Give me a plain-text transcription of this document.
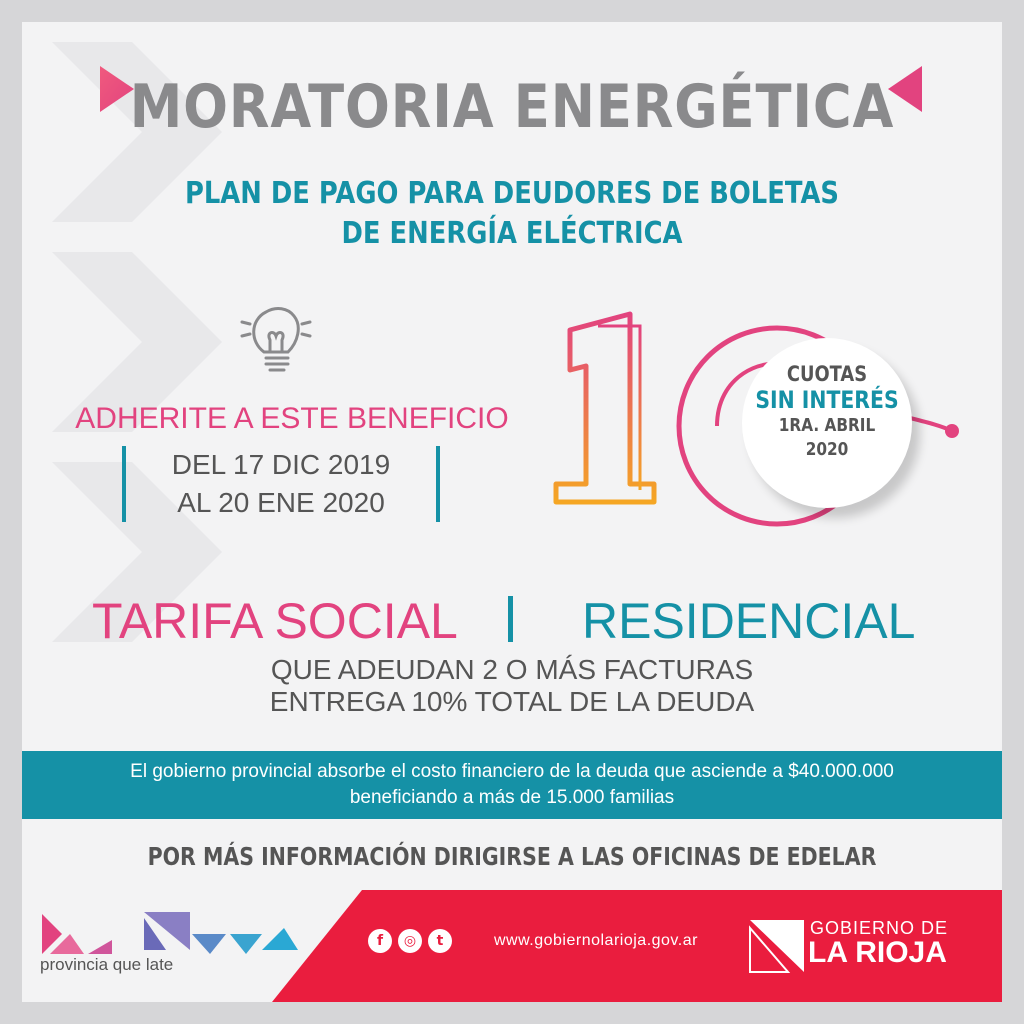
MORATORIA ENERGÉTICA
PLAN DE PAGO PARA DEUDORES DE BOLETAS
DE ENERGÍA ELÉCTRICA
ADHERITE A ESTE BENEFICIO
DEL 17 DIC 2019
AL 20 ENE 2020
CUOTAS
SIN INTERÉS
1RA. ABRIL
2020
TARIFA SOCIAL RESIDENCIAL
QUE ADEUDAN 2 O MÁS FACTURAS
ENTREGA 10% TOTAL DE LA DEUDA
El gobierno provincial absorbe el costo financiero de la deuda que asciende a $40.000.000
beneficiando a más de 15.000 familias
POR MÁS INFORMACIÓN DIRIGIRSE A LAS OFICINAS DE EDELAR
provincia que late
f	◎	t	www.gobiernolarioja.gov.ar
GOBIERNO DE
LA RIOJA
